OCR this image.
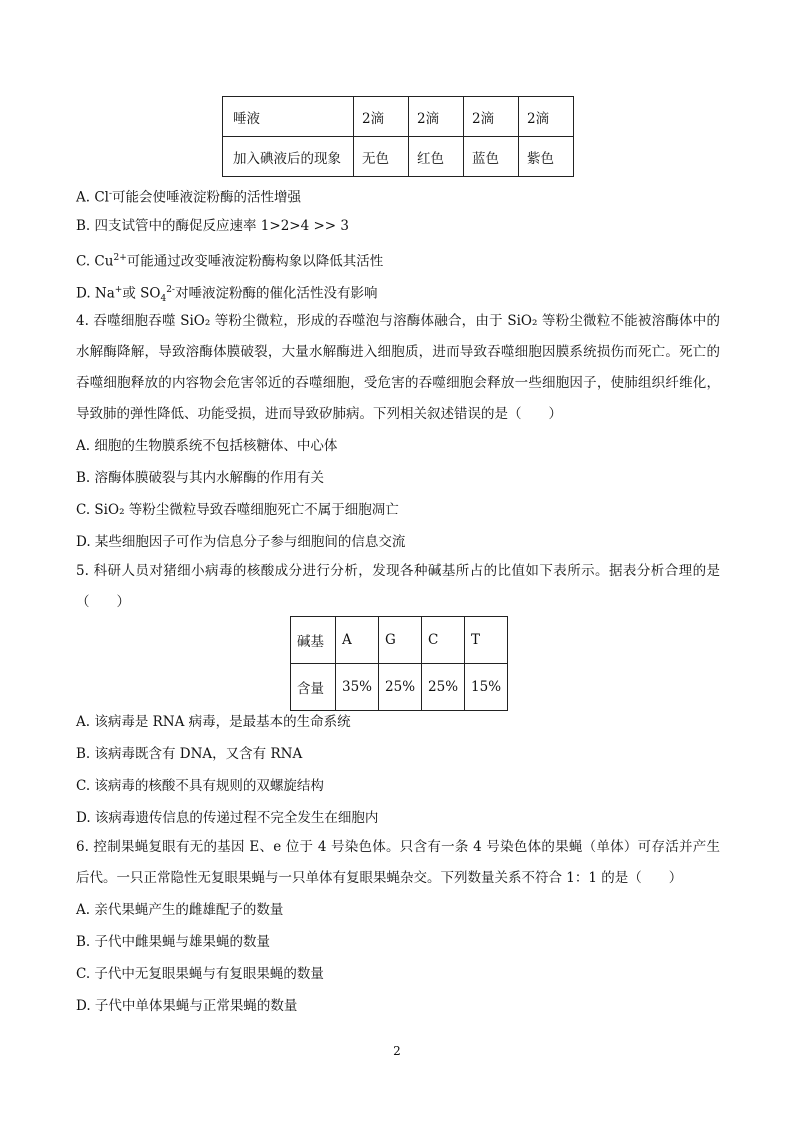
唾液	2滴	2滴	2滴	2滴
加入碘液后的现象	无色	红色	蓝色	紫色
A. Cl-可能会使唾液淀粉酶的活性增强
B. 四支试管中的酶促反应速率 1>2>4 >> 3
C. $Cu^{2+}$可能通过改变唾液淀粉酶构象以降低其活性
D. Na+或 $SO_4^{2-}$对唾液淀粉酶的催化活性没有影响
4. 吞噬细胞吞噬 SiO₂ 等粉尘微粒，形成的吞噬泡与溶酶体融合，由于 SiO₂ 等粉尘微粒不能被溶酶体中的水解酶降解，导致溶酶体膜破裂，大量水解酶进入细胞质，进而导致吞噬细胞因膜系统损伤而死亡。死亡的吞噬细胞释放的内容物会危害邻近的吞噬细胞，受危害的吞噬细胞会释放一些细胞因子，使肺组织纤维化，导致肺的弹性降低、功能受损，进而导致矽肺病。下列相关叙述错误的是（　　）
A. 细胞的生物膜系统不包括核糖体、中心体
B. 溶酶体膜破裂与其内水解酶的作用有关
C. SiO₂ 等粉尘微粒导致吞噬细胞死亡不属于细胞凋亡
D. 某些细胞因子可作为信息分子参与细胞间的信息交流
5. 科研人员对猪细小病毒的核酸成分进行分析，发现各种碱基所占的比值如下表所示。据表分析合理的是（　　）
碱基	A	G	C	T
含量	35%	25%	25%	15%
A. 该病毒是 RNA 病毒，是最基本的生命系统
B. 该病毒既含有 DNA，又含有 RNA
C. 该病毒的核酸不具有规则的双螺旋结构
D. 该病毒遗传信息的传递过程不完全发生在细胞内
6. 控制果蝇复眼有无的基因 E、e 位于 4 号染色体。只含有一条 4 号染色体的果蝇（单体）可存活并产生后代。一只正常隐性无复眼果蝇与一只单体有复眼果蝇杂交。下列数量关系不符合 1：1 的是（　　）
A. 亲代果蝇产生的雌雄配子的数量
B. 子代中雌果蝇与雄果蝇的数量
C. 子代中无复眼果蝇与有复眼果蝇的数量
D. 子代中单体果蝇与正常果蝇的数量
2
